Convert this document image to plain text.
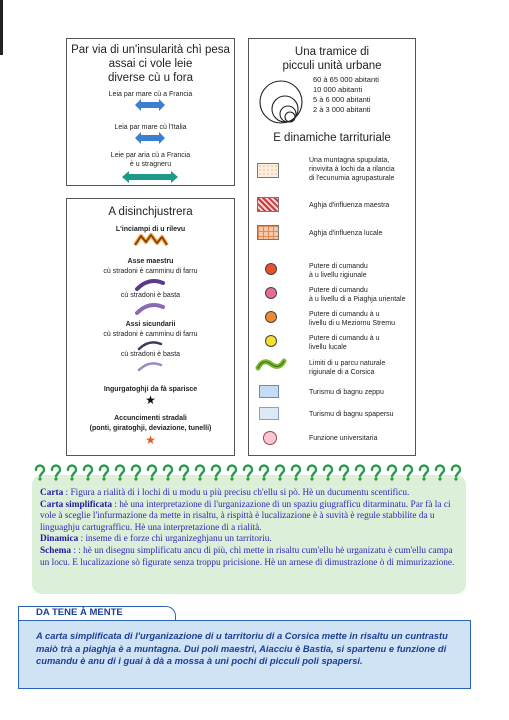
Par via di un'insularità chì pesa
assai ci vole leie
diverse cù u fora
Leia par mare cù a Francia
Leia par mare cù l'Italia
Leie par aria cù a Francia
è u stragneru
A disinchjustrera
L'inciampi di u rilevu
Asse maestru
cù stradoni è camminu di farru
cù stradoni è basta
Assi sicundarii
cù stradoni è camminu di farru
cù stradoni è basta
Ingurgatoghji da fà sparisce
★
Accuncimenti stradali
(ponti, giratoghji, deviazione, tunelli)
★
Una tramice di
picculi unità urbane
60 à 65 000 abitanti
10 000 abitanti
5 à 6 000 abitanti
2 à 3 000 abitanti
E dinamiche tarrituriale
Una muntagna spupulata,
rinvivita à lochi da a rilancia
di l'ecunumia agrupasturale
Aghja d'influenza maestra
Aghja d'influenza lucale
Putere di cumandu
à u livellu rigiunale
Putere di cumandu
à u livellu di a Piaghja urientale
Putere di cumandu à u
livellu di u Meziornu Stremu
Putere di cumandu à u
livellu lucale
Limiti di u parcu naturale
rigiunale di a Corsica
Turismu di bagnu zeppu
Turismu di bagnu spapersu
Funzione universitaria
Carta : Figura a rialità di i lochi di u modu u più precisu ch'ellu si pò. Hè un ducumentu scentificu.
Carta simplificata : hè una interpretazione di l'urganizazione di un spaziu giugrafficu ditarminatu. Par fà la ci vole à sceglie l'infurmazione da mette in risaltu, à rispittà è lucalizazione è à suvità è regule stabbilite da u linguaghju cartugrafficu. Hè una interpretazione di a rialità.
Dinamica : inseme di e forze chì urganizeghjanu un tarritoriu.
Schema : : hè un disegnu simplificatu ancu di più, chì mette in risaltu cum'ellu hè urganizatu è cum'ellu campa un locu. E lucalizazione sò figurate senza troppu pricisione. Hè un arnese di dimustrazione ò di mimurizazione.
DA TENE À MENTE
A carta simplificata di l'urganizazione di u tarritoriu di a Corsica mette in risaltu un cuntrastu maiò trà a piaghja è a muntagna. Dui poli maestri, Aiacciu è Bastia, si spartenu e funzione di cumandu è anu di i guai à dà a mossa à uni pochi di picculi poli spapersi.
